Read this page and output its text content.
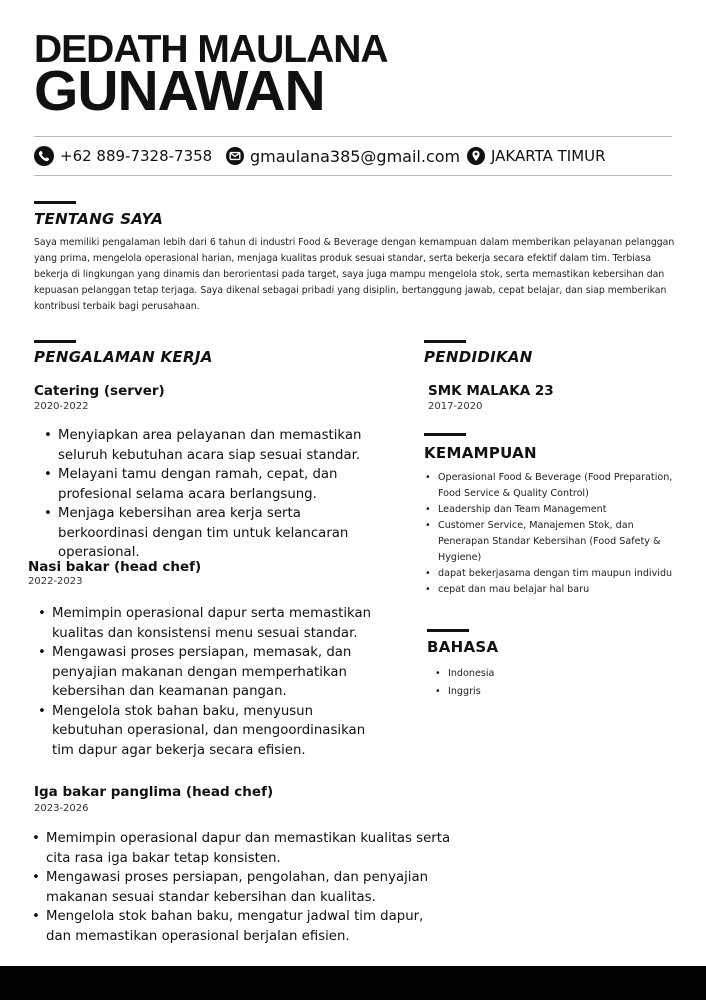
DEDATH MAULANA
GUNAWAN
+62 889-7328-7358 gmaulana385@gmail.com JAKARTA TIMUR
TENTANG SAYA
Saya memiliki pengalaman lebih dari 6 tahun di industri Food & Beverage dengan kemampuan dalam memberikan pelayanan pelanggan yang prima, mengelola operasional harian, menjaga kualitas produk sesuai standar, serta bekerja secara efektif dalam tim. Terbiasa bekerja di lingkungan yang dinamis dan berorientasi pada target, saya juga mampu mengelola stok, serta memastikan kebersihan dan kepuasan pelanggan tetap terjaga. Saya dikenal sebagai pribadi yang disiplin, bertanggung jawab, cepat belajar, dan siap memberikan kontribusi terbaik bagi perusahaan.
PENGALAMAN KERJA
Catering (server)
2020-2022
• Menyiapkan area pelayanan dan memastikan seluruh kebutuhan acara siap sesuai standar.
• Melayani tamu dengan ramah, cepat, dan profesional selama acara berlangsung.
• Menjaga kebersihan area kerja serta berkoordinasi dengan tim untuk kelancaran operasional.
Nasi bakar (head chef)
2022-2023
• Memimpin operasional dapur serta memastikan kualitas dan konsistensi menu sesuai standar.
• Mengawasi proses persiapan, memasak, dan penyajian makanan dengan memperhatikan kebersihan dan keamanan pangan.
• Mengelola stok bahan baku, menyusun kebutuhan operasional, dan mengoordinasikan tim dapur agar bekerja secara efisien.
Iga bakar panglima (head chef)
2023-2026
• Memimpin operasional dapur dan memastikan kualitas serta cita rasa iga bakar tetap konsisten.
• Mengawasi proses persiapan, pengolahan, dan penyajian makanan sesuai standar kebersihan dan kualitas.
• Mengelola stok bahan baku, mengatur jadwal tim dapur, dan memastikan operasional berjalan efisien.
PENDIDIKAN
SMK MALAKA 23
2017-2020
KEMAMPUAN
• Operasional Food & Beverage (Food Preparation, Food Service & Quality Control)
• Leadership dan Team Management
• Customer Service, Manajemen Stok, dan Penerapan Standar Kebersihan (Food Safety & Hygiene)
• dapat bekerjasama dengan tim maupun individu
• cepat dan mau belajar hal baru
BAHASA
• Indonesia
• Inggris
